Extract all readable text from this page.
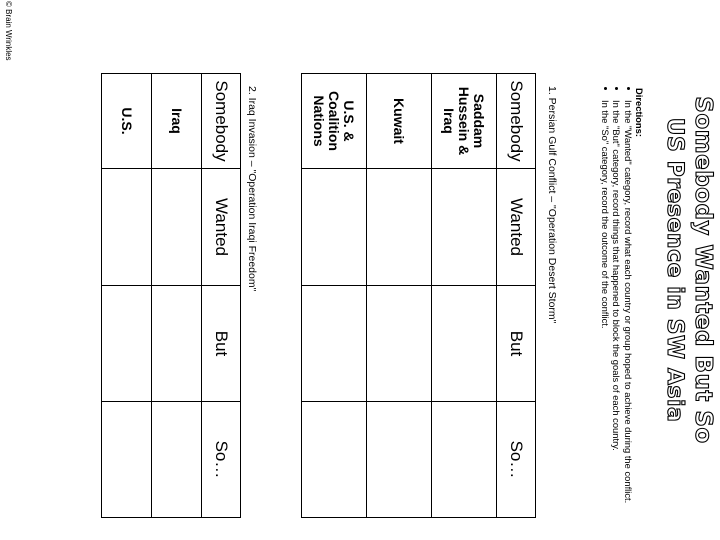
Somebody Wanted But So
US Presence in SW Asia
Directions:
• In the "Wanted" category, record what each country or group hoped to achieve during the conflict.
• In the "But" category, record things that happened to block the goals of each country.
• In the "So" category, record the outcome of the conflict.
1. Persian Gulf Conflict – "Operation Desert Storm"
Somebody	Wanted	But	So…
Saddam Hussein & Iraq			
Kuwait			
U.S. & Coalition Nations			
2. Iraq Invasion – "Operation Iraqi Freedom"
Somebody	Wanted	But	So…
Iraq			
U.S.			
© Brain Wrinkles
